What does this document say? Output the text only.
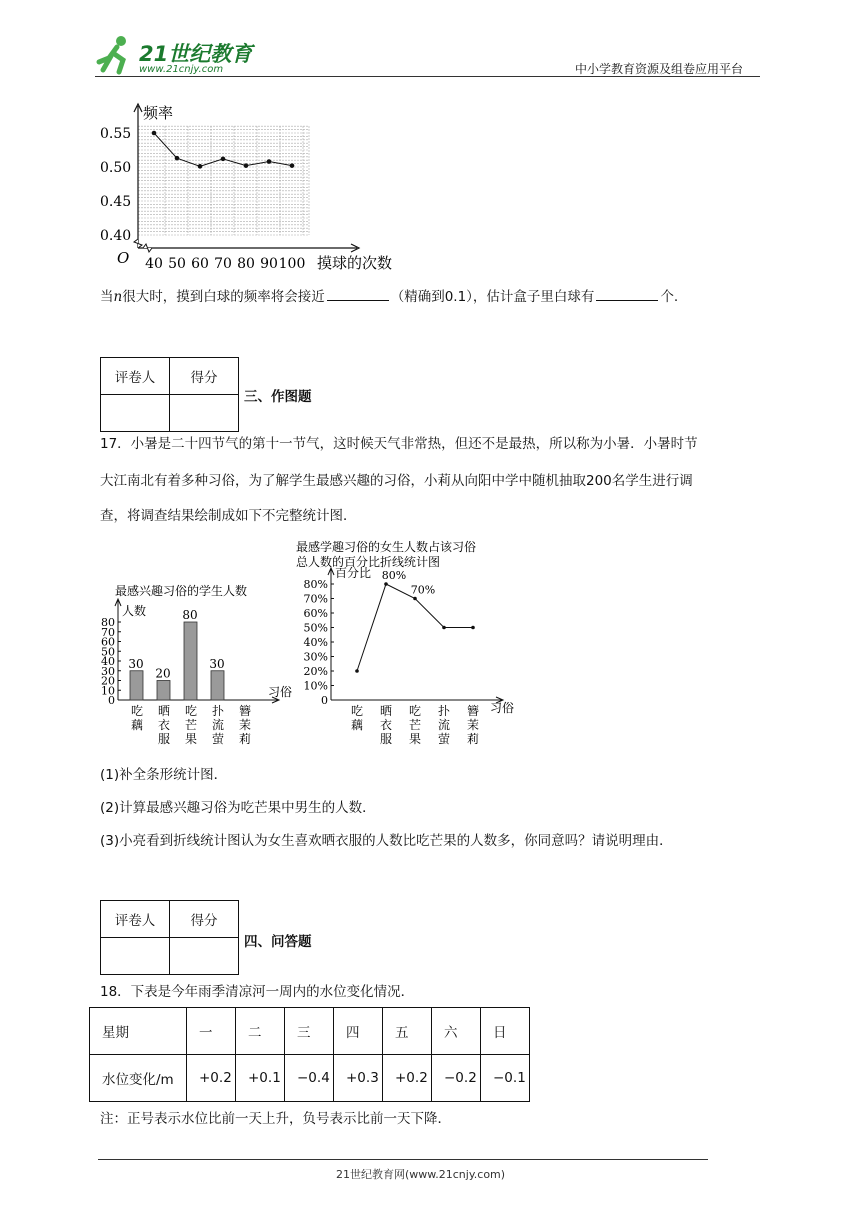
21世纪教育
www.21cnjy.com	中小学教育资源及组卷应用平台
频率
摸球的次数
O
0.55
0.50
0.45
0.40
40 50 60 70 80 90 100
当n很大时，摸到白球的频率将会接近	（精确到0.1），估计盒子里白球有	个.
评卷人	得分

三、作图题
17．小暑是二十四节气的第十一节气，这时候天气非常热，但还不是最热，所以称为小暑．小暑时节
大江南北有着多种习俗，为了解学生最感兴趣的习俗，小莉从向阳中学中随机抽取200名学生进行调
查，将调查结果绘制成如下不完整统计图．
最感兴趣习俗的学生人数
人数
习俗
80
70
60
50
40
30
20
10
0
30
吃
藕
20
晒
衣
服
80
吃
芒
果
30
扑
流
萤
簪
茉
莉
最感学趣习俗的女生人数占该习俗
总人数的百分比折线统计图
百分比
习俗
80%
70%
60%
50%
40%
30%
20%
10%
0
吃
藕
80%
晒
衣
服
70%
吃
芒
果
扑
流
萤
簪
茉
莉
(1)补全条形统计图．
(2)计算最感兴趣习俗为吃芒果中男生的人数．
(3)小亮看到折线统计图认为女生喜欢晒衣服的人数比吃芒果的人数多，你同意吗？请说明理由．
评卷人	得分

四、问答题
18．下表是今年雨季清凉河一周内的水位变化情况．
星期	一	二	三	四	五	六	日
水位变化/m	+0.2	+0.1	−0.4	+0.3	+0.2	−0.2	−0.1
注：正号表示水位比前一天上升，负号表示比前一天下降．
21世纪教育网(www.21cnjy.com)
